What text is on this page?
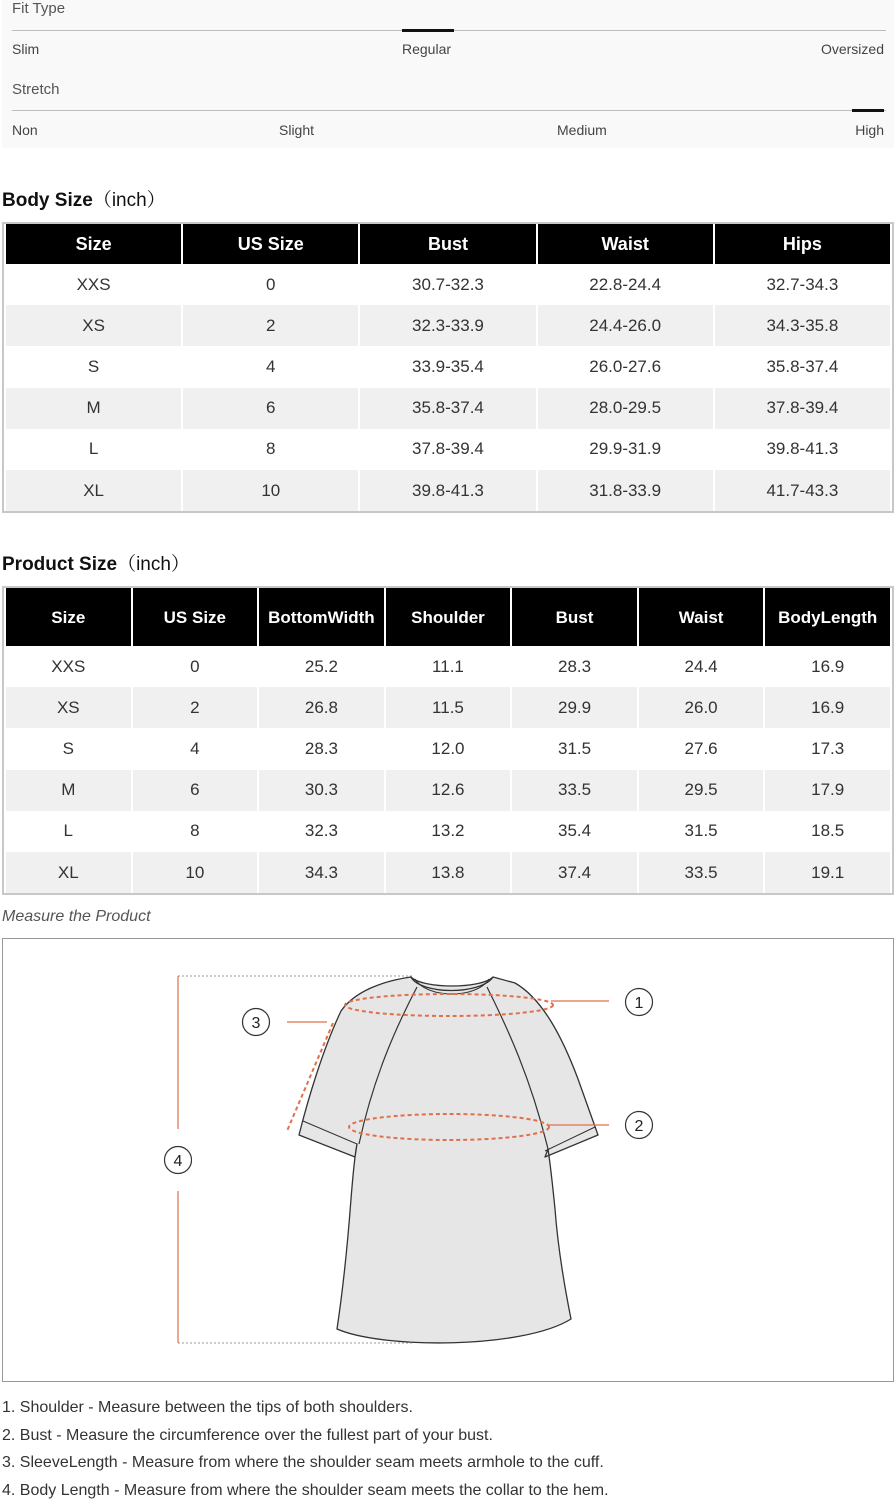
Fit Type
Slim	Regular	Oversized
Stretch
Non	Slight	Medium	High
Body Size（inch）
Size	US Size	Bust	Waist	Hips
XXS	0	30.7-32.3	22.8-24.4	32.7-34.3
XS	2	32.3-33.9	24.4-26.0	34.3-35.8
S	4	33.9-35.4	26.0-27.6	35.8-37.4
M	6	35.8-37.4	28.0-29.5	37.8-39.4
L	8	37.8-39.4	29.9-31.9	39.8-41.3
XL	10	39.8-41.3	31.8-33.9	41.7-43.3
Product Size（inch）
Size	US Size	BottomWidth	Shoulder	Bust	Waist	BodyLength
XXS	0	25.2	11.1	28.3	24.4	16.9
XS	2	26.8	11.5	29.9	26.0	16.9
S	4	28.3	12.0	31.5	27.6	17.3
M	6	30.3	12.6	33.5	29.5	17.9
L	8	32.3	13.2	35.4	31.5	18.5
XL	10	34.3	13.8	37.4	33.5	19.1
Measure the Product
1
2
3
4
1. Shoulder - Measure between the tips of both shoulders.
2. Bust - Measure the circumference over the fullest part of your bust.
3. SleeveLength - Measure from where the shoulder seam meets armhole to the cuff.
4. Body Length - Measure from where the shoulder seam meets the collar to the hem.
